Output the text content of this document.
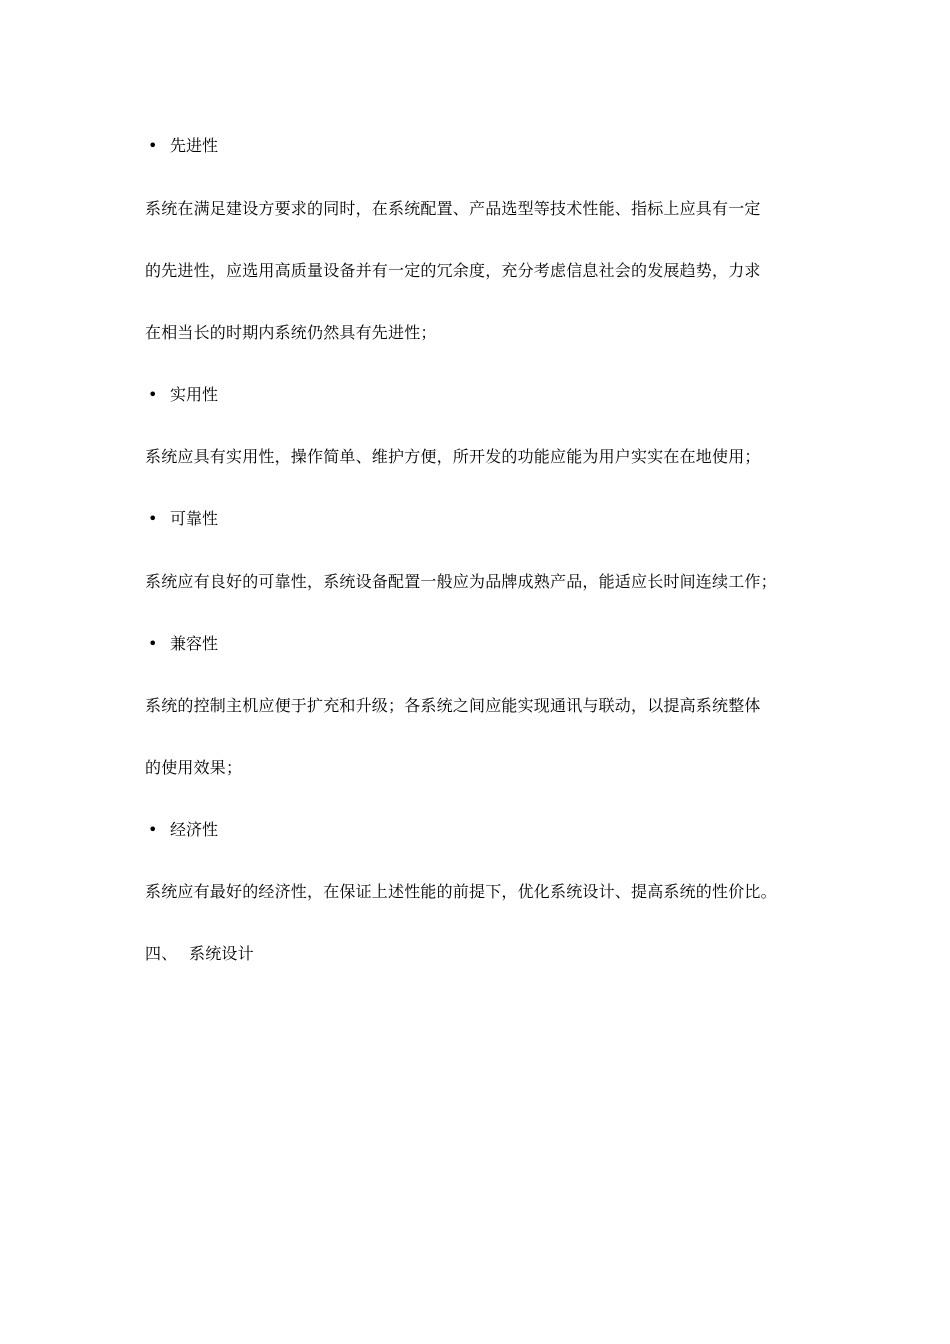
• 先进性
系统在满足建设方要求的同时，在系统配置、产品选型等技术性能、指标上应具有一定
的先进性，应选用高质量设备并有一定的冗余度，充分考虑信息社会的发展趋势，力求
在相当长的时期内系统仍然具有先进性；
• 实用性
系统应具有实用性，操作简单、维护方便，所开发的功能应能为用户实实在在地使用；
• 可靠性
系统应有良好的可靠性，系统设备配置一般应为品牌成熟产品，能适应长时间连续工作；
• 兼容性
系统的控制主机应便于扩充和升级；各系统之间应能实现通讯与联动，以提高系统整体
的使用效果；
• 经济性
系统应有最好的经济性，在保证上述性能的前提下，优化系统设计、提高系统的性价比。
四、 系统设计
